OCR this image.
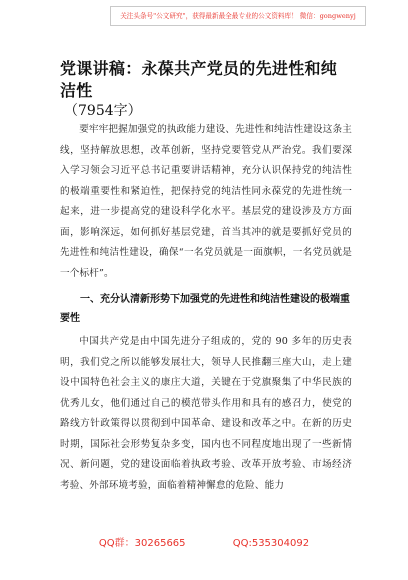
关注头条号"公文研究"，获得最新最全最专业的公文资料库！ 微信：gongwenyj
党课讲稿：永葆共产党员的先进性和纯洁性
（7954字）

要牢牢把握加强党的执政能力建设、先进性和纯洁性建设这条主线，坚持解放思想，改革创新，坚持党要管党从严治党。我们要深入学习领会习近平总书记重要讲话精神，充分认识保持党的纯洁性的极端重要性和紧迫性，把保持党的纯洁性同永葆党的先进性统一起来，进一步提高党的建设科学化水平。基层党的建设涉及方方面面，影响深远，如何抓好基层党建，首当其冲的就是要抓好党员的先进性和纯洁性建设，确保“一名党员就是一面旗帜，一名党员就是一个标杆”。

一、充分认清新形势下加强党的先进性和纯洁性建设的极端重要性

中国共产党是由中国先进分子组成的，党的 90 多年的历史表明，我们党之所以能够发展壮大，领导人民推翻三座大山，走上建设中国特色社会主义的康庄大道，关键在于党旗聚集了中华民族的优秀儿女，他们通过自己的模范带头作用和具有的感召力，使党的路线方针政策得以贯彻到中国革命、建设和改革之中。在新的历史时期，国际社会形势复杂多变，国内也不同程度地出现了一些新情况、新问题，党的建设面临着执政考验、改革开放考验、市场经济考验、外部环境考验，面临着精神懈怠的危险、能力

QQ群：30265665	QQ:535304092
